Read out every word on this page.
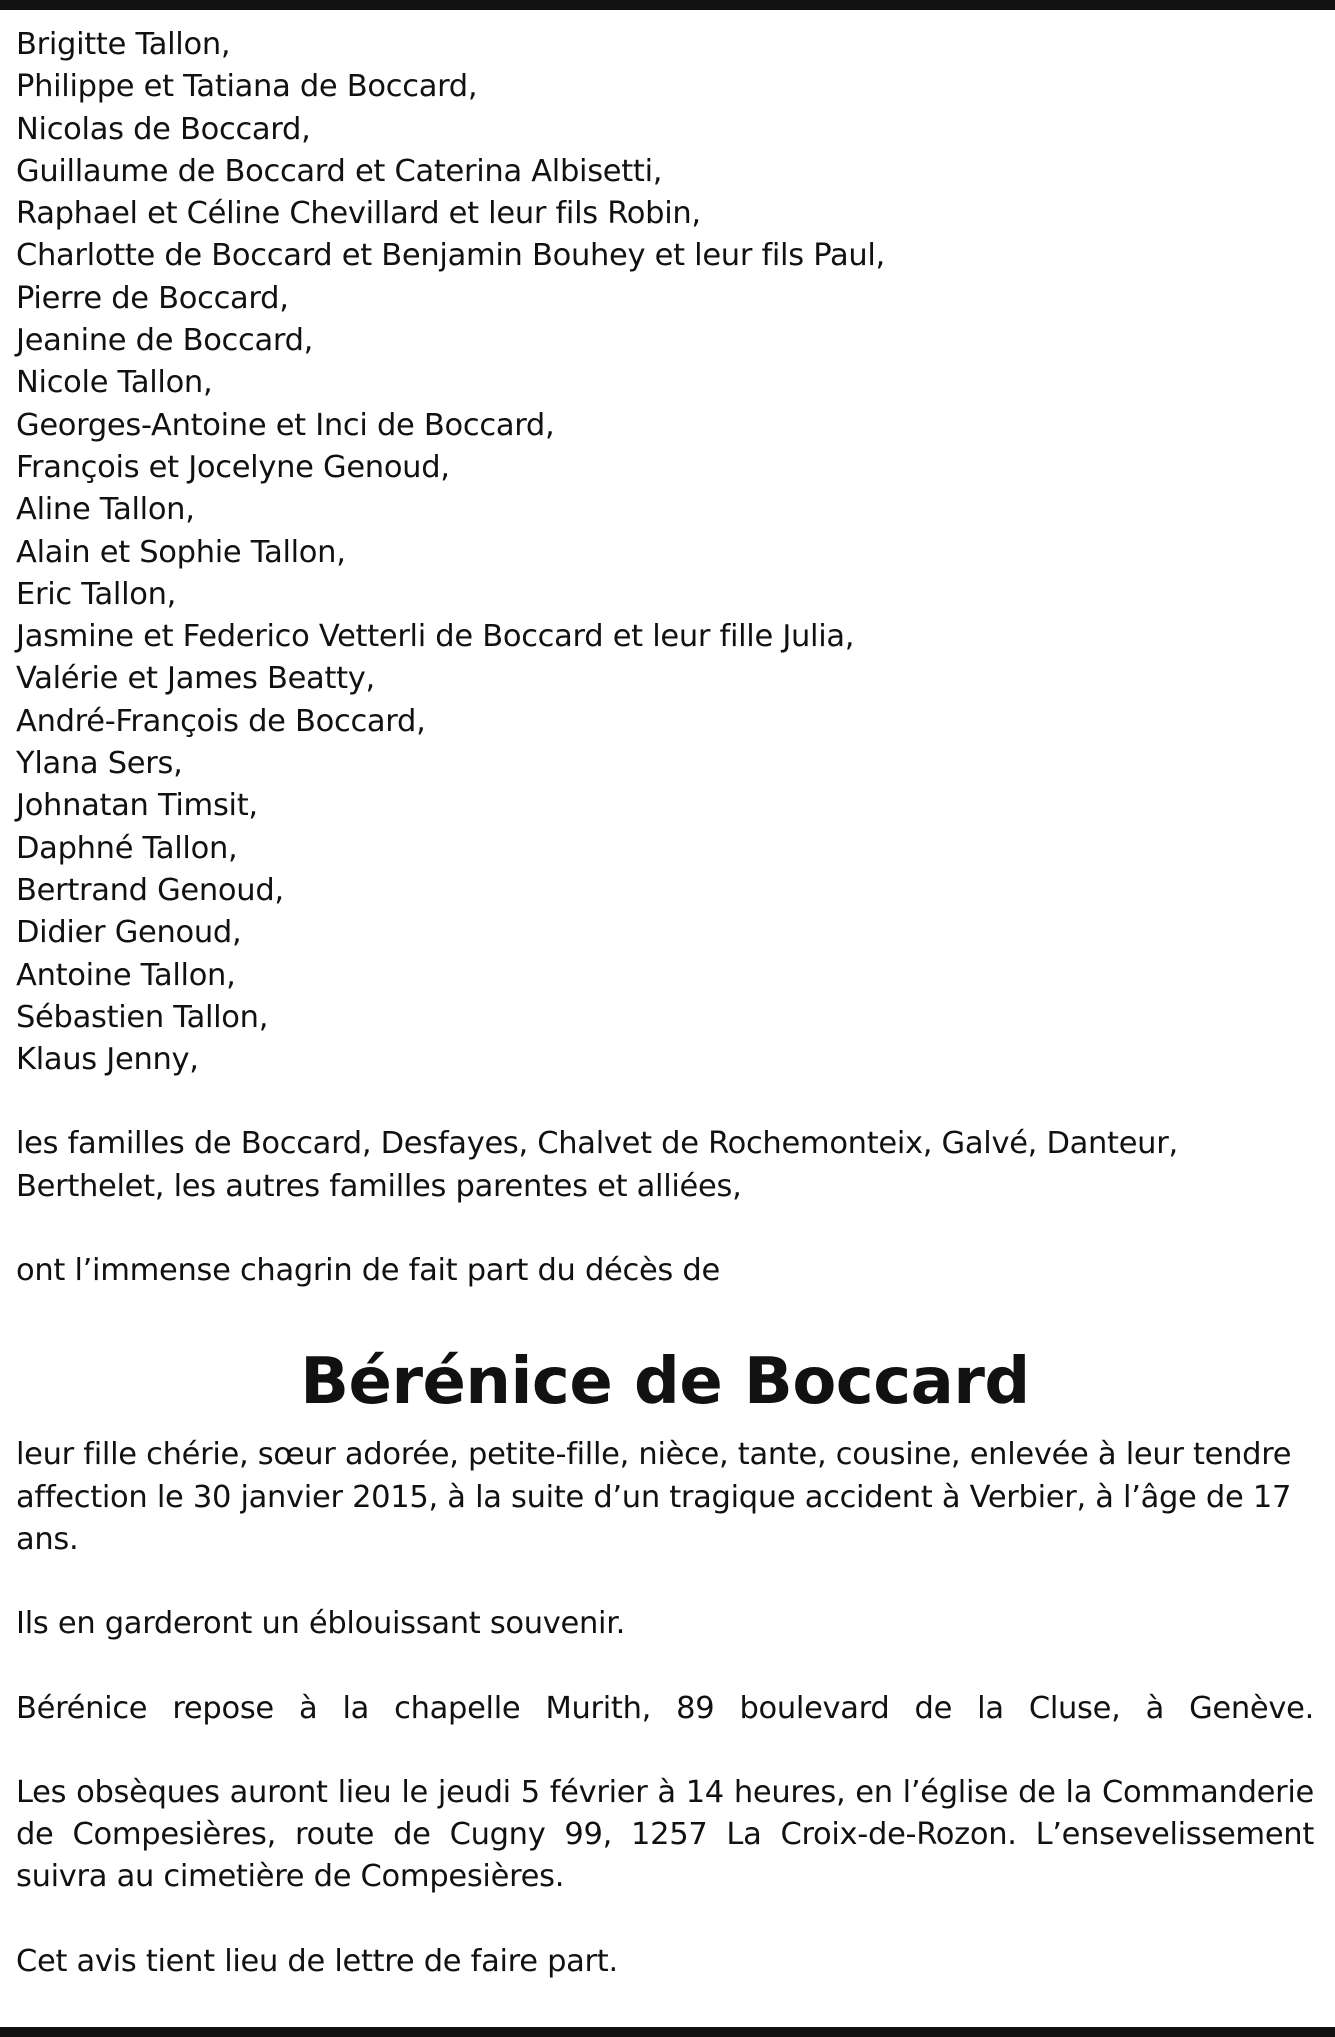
Brigitte Tallon,
Philippe et Tatiana de Boccard,
Nicolas de Boccard,
Guillaume de Boccard et Caterina Albisetti,
Raphael et Céline Chevillard et leur fils Robin,
Charlotte de Boccard et Benjamin Bouhey et leur fils Paul,
Pierre de Boccard,
Jeanine de Boccard,
Nicole Tallon,
Georges-Antoine et Inci de Boccard,
François et Jocelyne Genoud,
Aline Tallon,
Alain et Sophie Tallon,
Eric Tallon,
Jasmine et Federico Vetterli de Boccard et leur fille Julia,
Valérie et James Beatty,
André-François de Boccard,
Ylana Sers,
Johnatan Timsit,
Daphné Tallon,
Bertrand Genoud,
Didier Genoud,
Antoine Tallon,
Sébastien Tallon,
Klaus Jenny,

les familles de Boccard, Desfayes, Chalvet de Rochemonteix, Galvé, Danteur, Berthelet, les autres familles parentes et alliées,

ont l’immense chagrin de fait part du décès de

Bérénice de Boccard

leur fille chérie, sœur adorée, petite-fille, nièce, tante, cousine, enlevée à leur tendre affection le 30 janvier 2015, à la suite d’un tragique accident à Verbier, à l’âge de 17 ans.

Ils en garderont un éblouissant souvenir.

Bérénice repose à la chapelle Murith, 89 boulevard de la Cluse, à Genève.

Les obsèques auront lieu le jeudi 5 février à 14 heures, en l’église de la Commanderie de Compesières, route de Cugny 99, 1257 La Croix-de-Rozon. L’ensevelissement suivra au cimetière de Compesières.

Cet avis tient lieu de lettre de faire part.
